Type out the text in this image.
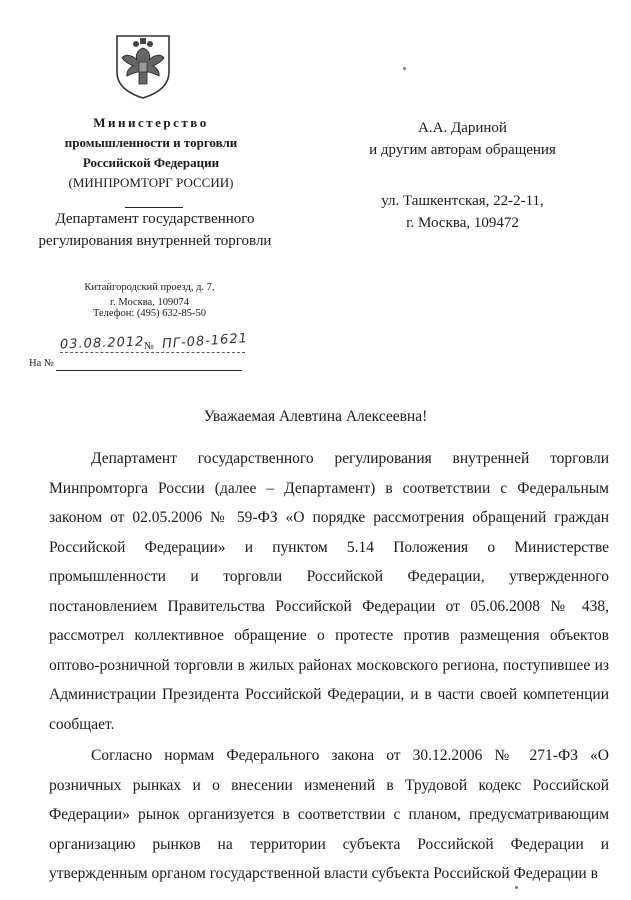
Министерство
промышленности и торговли
Российской Федерации
(МИНПРОМТОРГ РОССИИ)
Департамент государственного
регулирования внутренней торговли
Китайгородский проезд, д. 7,
г. Москва, 109074
Телефон: (495) 632-85-50
03.08.2012 № ПГ-08-1621
На №
А.А. Дариной
и другим авторам обращения
ул. Ташкентская, 22-2-11,
г. Москва, 109472
Уважаемая Алевтина Алексеевна!

Департамент государственного регулирования внутренней торговли Минпромторга России (далее – Департамент) в соответствии с Федеральным законом от 02.05.2006 № 59-ФЗ «О порядке рассмотрения обращений граждан Российской Федерации» и пунктом 5.14 Положения о Министерстве промышленности и торговли Российской Федерации, утвержденного постановлением Правительства Российской Федерации от 05.06.2008 № 438, рассмотрел коллективное обращение о протесте против размещения объектов оптово-розничной торговли в жилых районах московского региона, поступившее из Администрации Президента Российской Федерации, и в части своей компетенции сообщает.

Согласно нормам Федерального закона от 30.12.2006 № 271-ФЗ «О розничных рынках и о внесении изменений в Трудовой кодекс Российской Федерации» рынок организуется в соответствии с планом, предусматривающим организацию рынков на территории субъекта Российской Федерации и утвержденным органом государственной власти субъекта Российской Федерации в
